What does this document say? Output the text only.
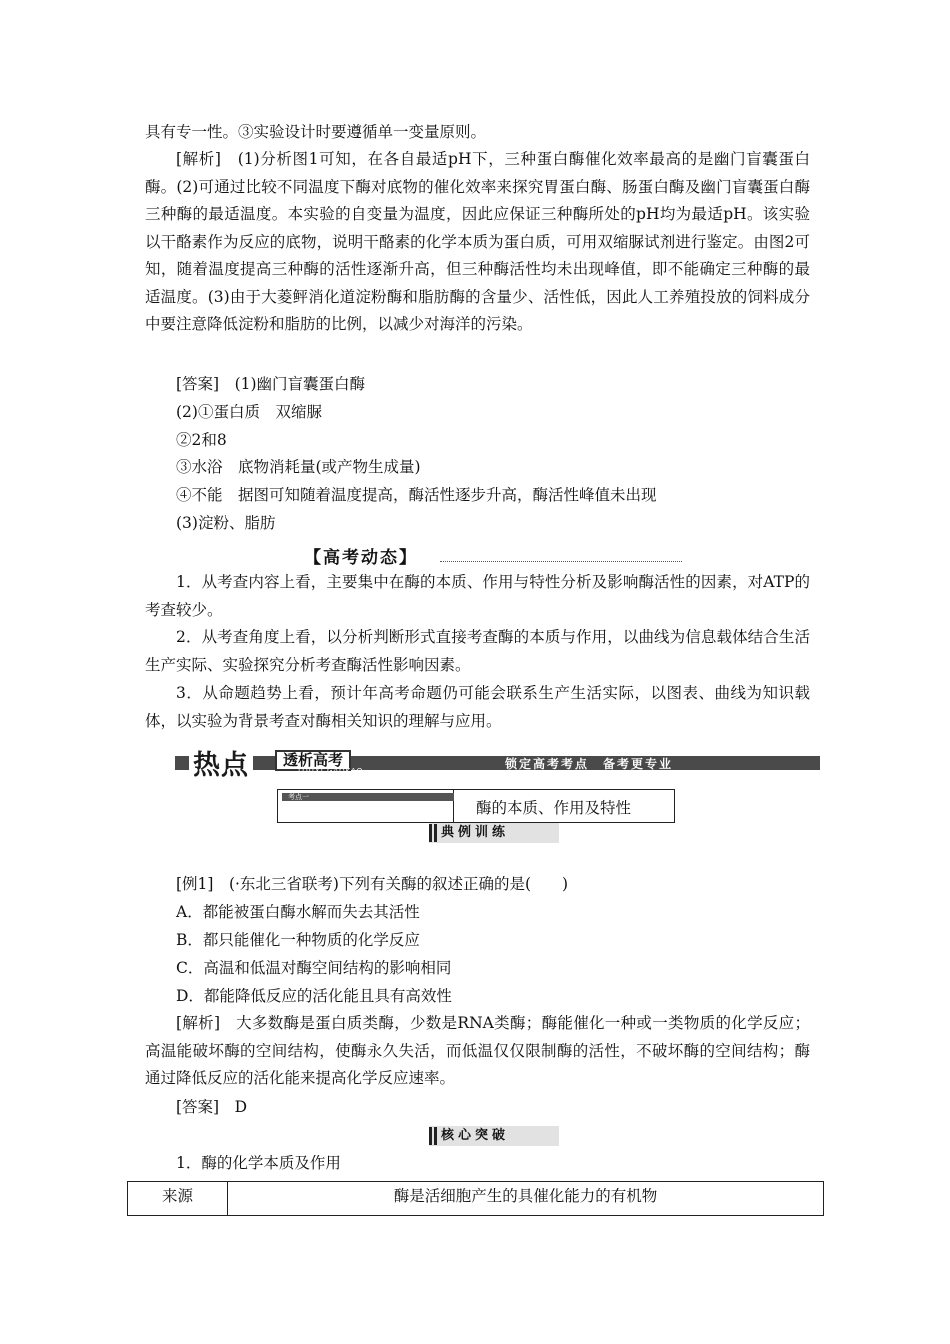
具有专一性。③实验设计时要遵循单一变量原则。
[解析]　(1)分析图1可知，在各自最适pH下，三种蛋白酶催化效率最高的是幽门盲囊蛋白酶。(2)可通过比较不同温度下酶对底物的催化效率来探究胃蛋白酶、肠蛋白酶及幽门盲囊蛋白酶三种酶的最适温度。本实验的自变量为温度，因此应保证三种酶所处的pH均为最适pH。该实验以干酪素作为反应的底物，说明干酪素的化学本质为蛋白质，可用双缩脲试剂进行鉴定。由图2可知，随着温度提高三种酶的活性逐渐升高，但三种酶活性均未出现峰值，即不能确定三种酶的最适温度。(3)由于大菱鲆消化道淀粉酶和脂肪酶的含量少、活性低，因此人工养殖投放的饲料成分中要注意降低淀粉和脂肪的比例，以减少对海洋的污染。
[答案]　(1)幽门盲囊蛋白酶
(2)①蛋白质　双缩脲
②2和8
③水浴　底物消耗量(或产物生成量)
④不能　据图可知随着温度提高，酶活性逐步升高，酶活性峰值未出现
(3)淀粉、脂肪
【高考动态】
1．从考查内容上看，主要集中在酶的本质、作用与特性分析及影响酶活性的因素，对ATP的考查较少。
2．从考查角度上看，以分析判断形式直接考查酶的本质与作用，以曲线为信息载体结合生活生产实际、实验探究分析考查酶活性影响因素。
3．从命题趋势上看，预计年高考命题仍可能会联系生产生活实际，以图表、曲线为知识载体，以实验为背景考查对酶相关知识的理解与应用。
热点	透析高考
TOUXI GAOKAO	锁定高考考点　备考更专业
考点一
酶的本质、作用及特性
典例训练
[例1]　(·东北三省联考)下列有关酶的叙述正确的是(　　)
A．都能被蛋白酶水解而失去其活性
B．都只能催化一种物质的化学反应
C．高温和低温对酶空间结构的影响相同
D．都能降低反应的活化能且具有高效性
[解析]　大多数酶是蛋白质类酶，少数是RNA类酶；酶能催化一种或一类物质的化学反应；高温能破坏酶的空间结构，使酶永久失活，而低温仅仅限制酶的活性，不破坏酶的空间结构；酶通过降低反应的活化能来提高化学反应速率。
[答案]　D
核心突破
1．酶的化学本质及作用
来源	酶是活细胞产生的具催化能力的有机物
